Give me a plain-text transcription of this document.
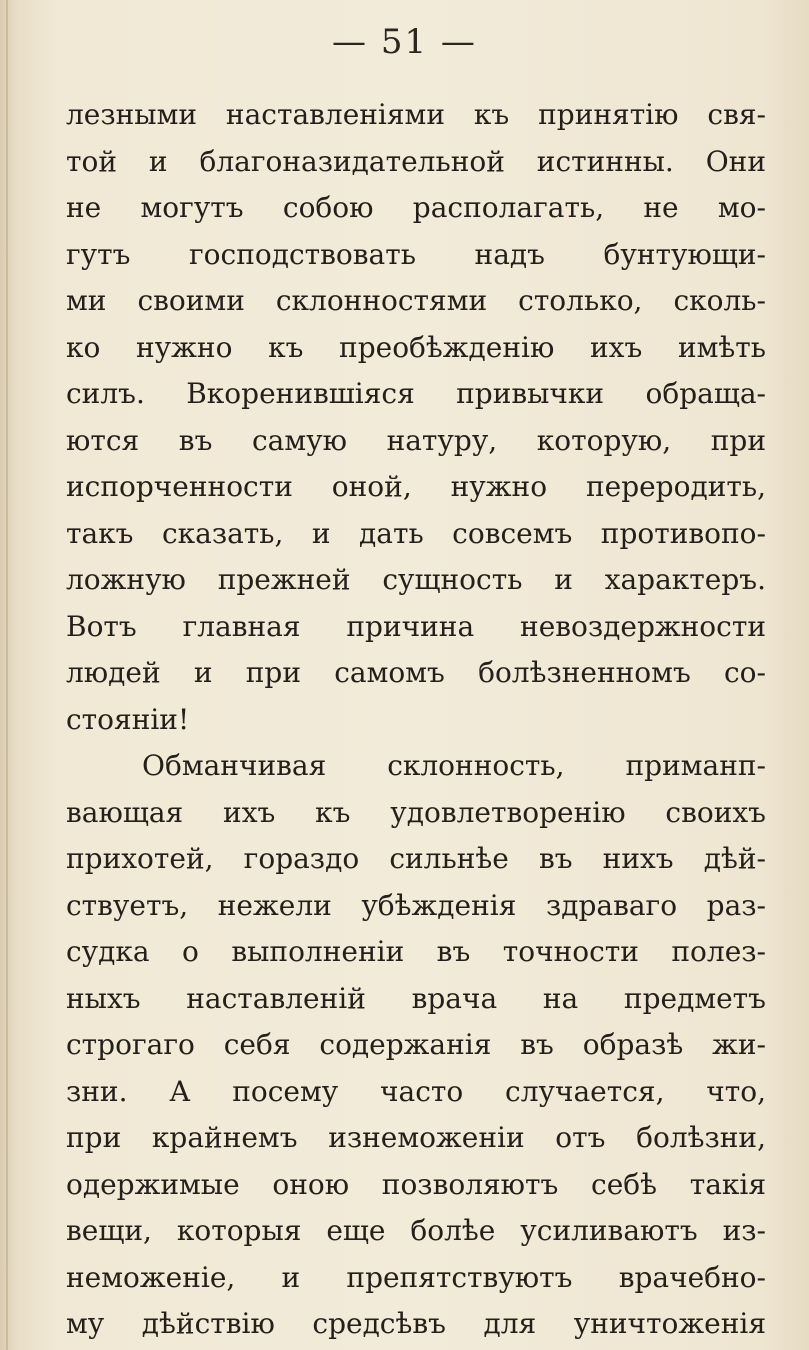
— 51 —
лезными наставленіями къ принятію свя-
той и благоназидательной истинны. Они
не могутъ собою располагать, не мо-
гутъ господствовать надъ бунтующи-
ми своими склонностями столько, сколь-
ко нужно къ преобѣжденію ихъ имѣть
силъ. Вкоренившіяся привычки обраща-
ются въ самую натуру, которую, при
испорченности оной, нужно переродить,
такъ сказать, и дать совсемъ противопо-
ложную прежней сущность и характеръ.
Вотъ главная причина невоздержности
людей и при самомъ болѣзненномъ со-
стояніи!
Обманчивая склонность, приманп-
вающая ихъ къ удовлетворенію своихъ
прихотей, гораздо сильнѣе въ нихъ дѣй-
ствуетъ, нежели убѣжденія здраваго раз-
судка о выполненіи въ точности полез-
ныхъ наставленій врача на предметъ
строгаго себя содержанія въ образѣ жи-
зни. А посему часто случается, что,
при крайнемъ изнеможеніи отъ болѣзни,
одержимые оною позволяютъ себѣ такія
вещи, которыя еще болѣе усиливаютъ из-
неможеніе, и препятствуютъ врачебно-
му дѣйствію средсѣвъ для уничтоженія
